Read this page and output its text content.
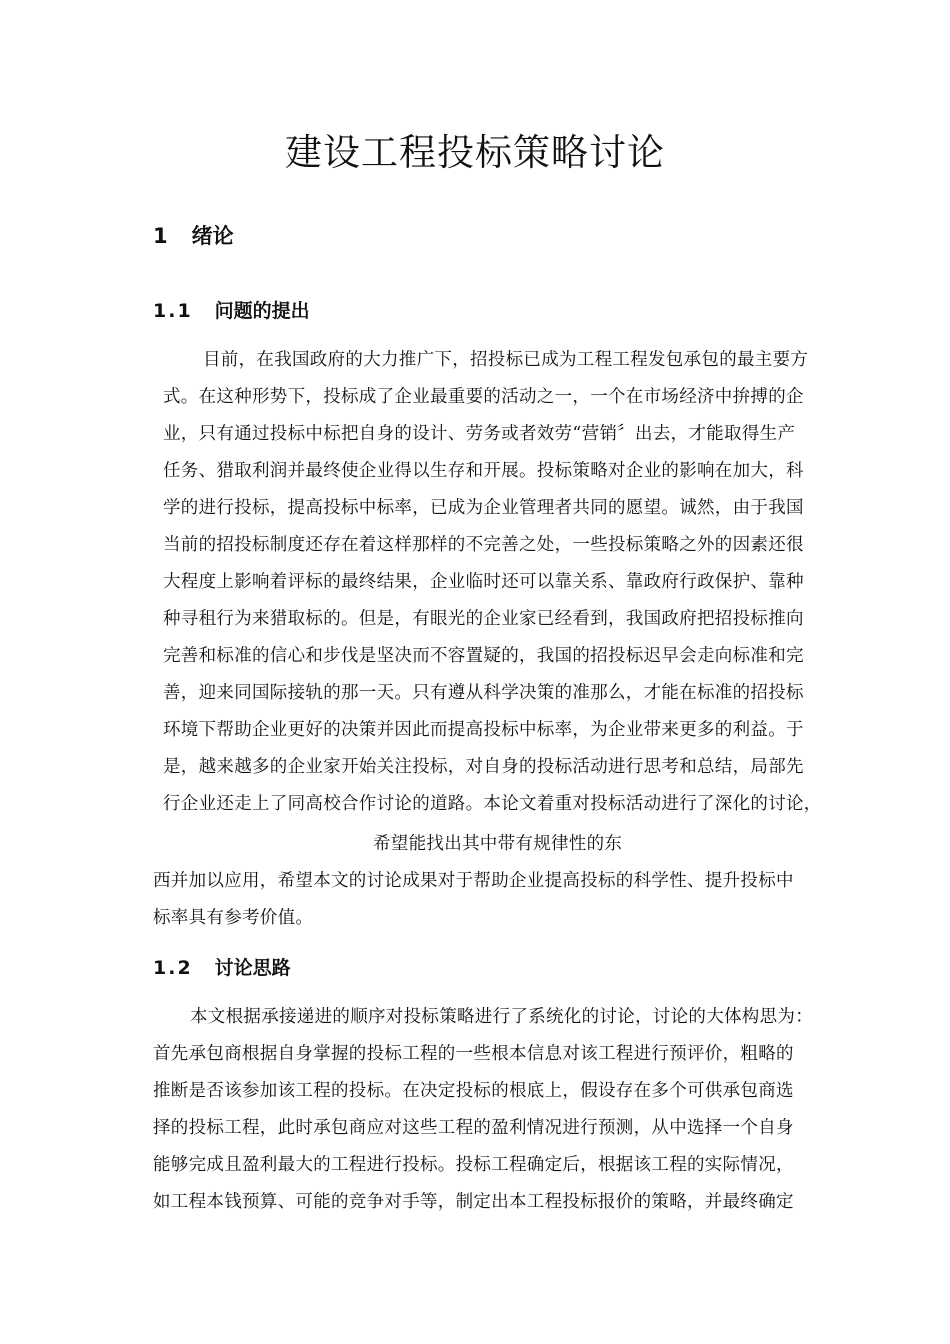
建设工程投标策略讨论
1 绪论
1.1 问题的提出
目前，在我国政府的大力推广下，招投标已成为工程工程发包承包的最主要方
式。在这种形势下，投标成了企业最重要的活动之一，一个在市场经济中拚搏的企
业，只有通过投标中标把自身的设计、劳务或者效劳“营销〞出去，才能取得生产
任务、猎取利润并最终使企业得以生存和开展。投标策略对企业的影响在加大，科
学的进行投标，提高投标中标率，已成为企业管理者共同的愿望。诚然，由于我国
当前的招投标制度还存在着这样那样的不完善之处，一些投标策略之外的因素还很
大程度上影响着评标的最终结果，企业临时还可以靠关系、靠政府行政保护、靠种
种寻租行为来猎取标的。但是，有眼光的企业家已经看到，我国政府把招投标推向
完善和标准的信心和步伐是坚决而不容置疑的，我国的招投标迟早会走向标准和完
善，迎来同国际接轨的那一天。只有遵从科学决策的准那么，才能在标准的招投标
环境下帮助企业更好的决策并因此而提高投标中标率，为企业带来更多的利益。于
是，越来越多的企业家开始关注投标，对自身的投标活动进行思考和总结，局部先
行企业还走上了同高校合作讨论的道路。本论文着重对投标活动进行了深化的讨论，
希望能找出其中带有规律性的东
西并加以应用，希望本文的讨论成果对于帮助企业提高投标的科学性、提升投标中
标率具有参考价值。
1.2 讨论思路
本文根据承接递进的顺序对投标策略进行了系统化的讨论，讨论的大体构思为：
首先承包商根据自身掌握的投标工程的一些根本信息对该工程进行预评价，粗略的
推断是否该参加该工程的投标。在决定投标的根底上，假设存在多个可供承包商选
择的投标工程，此时承包商应对这些工程的盈利情况进行预测，从中选择一个自身
能够完成且盈利最大的工程进行投标。投标工程确定后，根据该工程的实际情况，
如工程本钱预算、可能的竞争对手等，制定出本工程投标报价的策略，并最终确定
